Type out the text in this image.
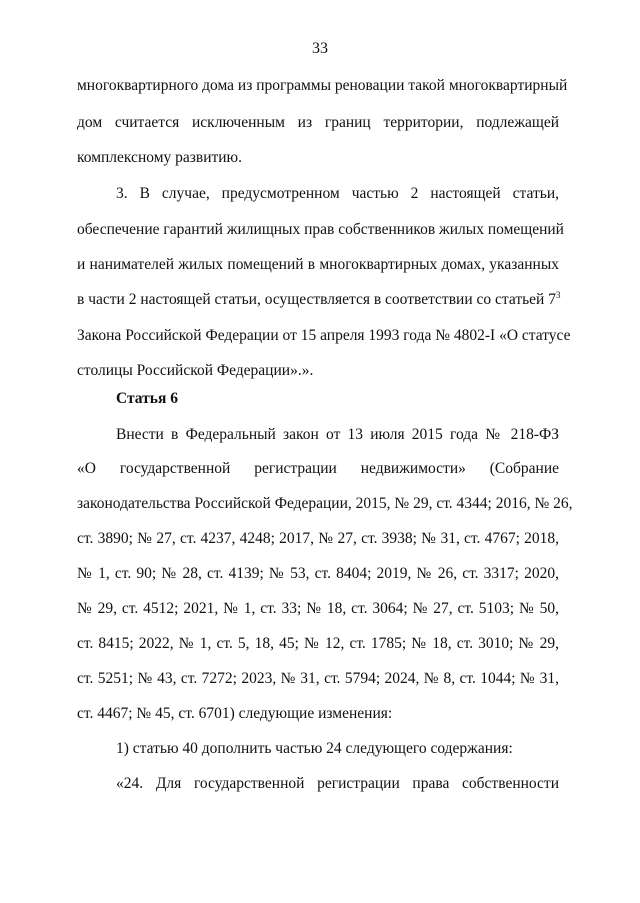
33
многоквартирного дома из программы реновации такой многоквартирный
дом считается исключенным из границ территории, подлежащей
комплексному развитию.
3. В случае, предусмотренном частью 2 настоящей статьи,
обеспечение гарантий жилищных прав собственников жилых помещений
и нанимателей жилых помещений в многоквартирных домах, указанных
в части 2 настоящей статьи, осуществляется в соответствии со статьей $7^3$
Закона Российской Федерации от 15 апреля 1993 года № 4802-I «О статусе
столицы Российской Федерации».».
Статья 6
Внести в Федеральный закон от 13 июля 2015 года № 218-ФЗ
«О государственной регистрации недвижимости» (Собрание
законодательства Российской Федерации, 2015, № 29, ст. 4344; 2016, № 26,
ст. 3890; № 27, ст. 4237, 4248; 2017, № 27, ст. 3938; № 31, ст. 4767; 2018,
№ 1, ст. 90; № 28, ст. 4139; № 53, ст. 8404; 2019, № 26, ст. 3317; 2020,
№ 29, ст. 4512; 2021, № 1, ст. 33; № 18, ст. 3064; № 27, ст. 5103; № 50,
ст. 8415; 2022, № 1, ст. 5, 18, 45; № 12, ст. 1785; № 18, ст. 3010; № 29,
ст. 5251; № 43, ст. 7272; 2023, № 31, ст. 5794; 2024, № 8, ст. 1044; № 31,
ст. 4467; № 45, ст. 6701) следующие изменения:
1) статью 40 дополнить частью 24 следующего содержания:
«24. Для государственной регистрации права собственности
